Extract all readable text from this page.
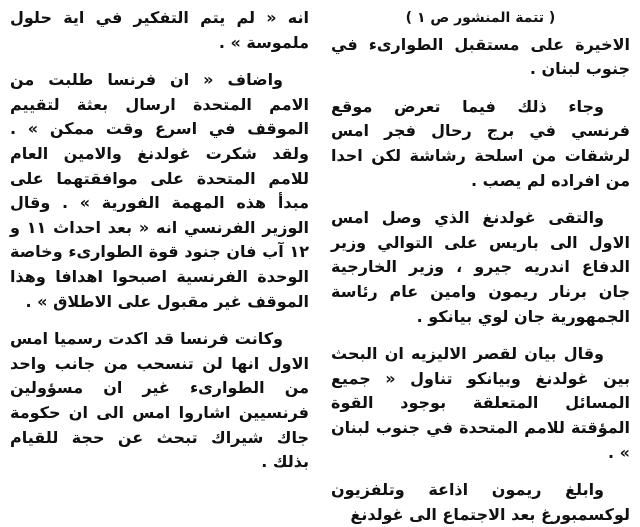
( تتمة المنشور ص ١ )

الاخيرة على مستقبل الطوارىء في جنوب لبنان .

وجاء ذلك فيما تعرض موقع فرنسي في برج رحال فجر امس لرشقات من اسلحة رشاشة لكن احدا من افراده لم يصب .

والتقى غولدنغ الذي وصل امس الاول الى باريس على التوالي وزير الدفاع اندريه جيرو ، وزير الخارجية جان برنار ريمون وامين عام رئاسة الجمهورية جان لوي بيانكو .

وقال بيان لقصر الاليزيه ان البحث بين غولدنغ وبيانكو تناول « جميع المسائل المتعلقة بوجود القوة المؤقتة للامم المتحدة في جنوب لبنان » .

وابلغ ريمون اذاعة وتلفزيون لوكسمبورغ بعد الاجتماع الى غولدنغ

انه « لم يتم التفكير في اية حلول ملموسة » .

واضاف « ان فرنسا طلبت من الامم المتحدة ارسال بعثة لتقييم الموقف في اسرع وقت ممكن » . ولقد شكرت غولدنغ والامين العام للامم المتحدة على موافقتهما على مبدأ هذه المهمة الفورية » . وقال الوزير الفرنسي انه « بعد احداث ١١ و ١٢ آب فان جنود قوة الطوارىء وخاصة الوحدة الفرنسية اصبحوا اهدافا وهذا الموقف غير مقبول على الاطلاق » .

وكانت فرنسا قد اكدت رسميا امس الاول انها لن تنسحب من جانب واحد من الطوارىء غير ان مسؤولين فرنسيين اشاروا امس الى ان حكومة جاك شيراك تبحث عن حجة للقيام بذلك .
